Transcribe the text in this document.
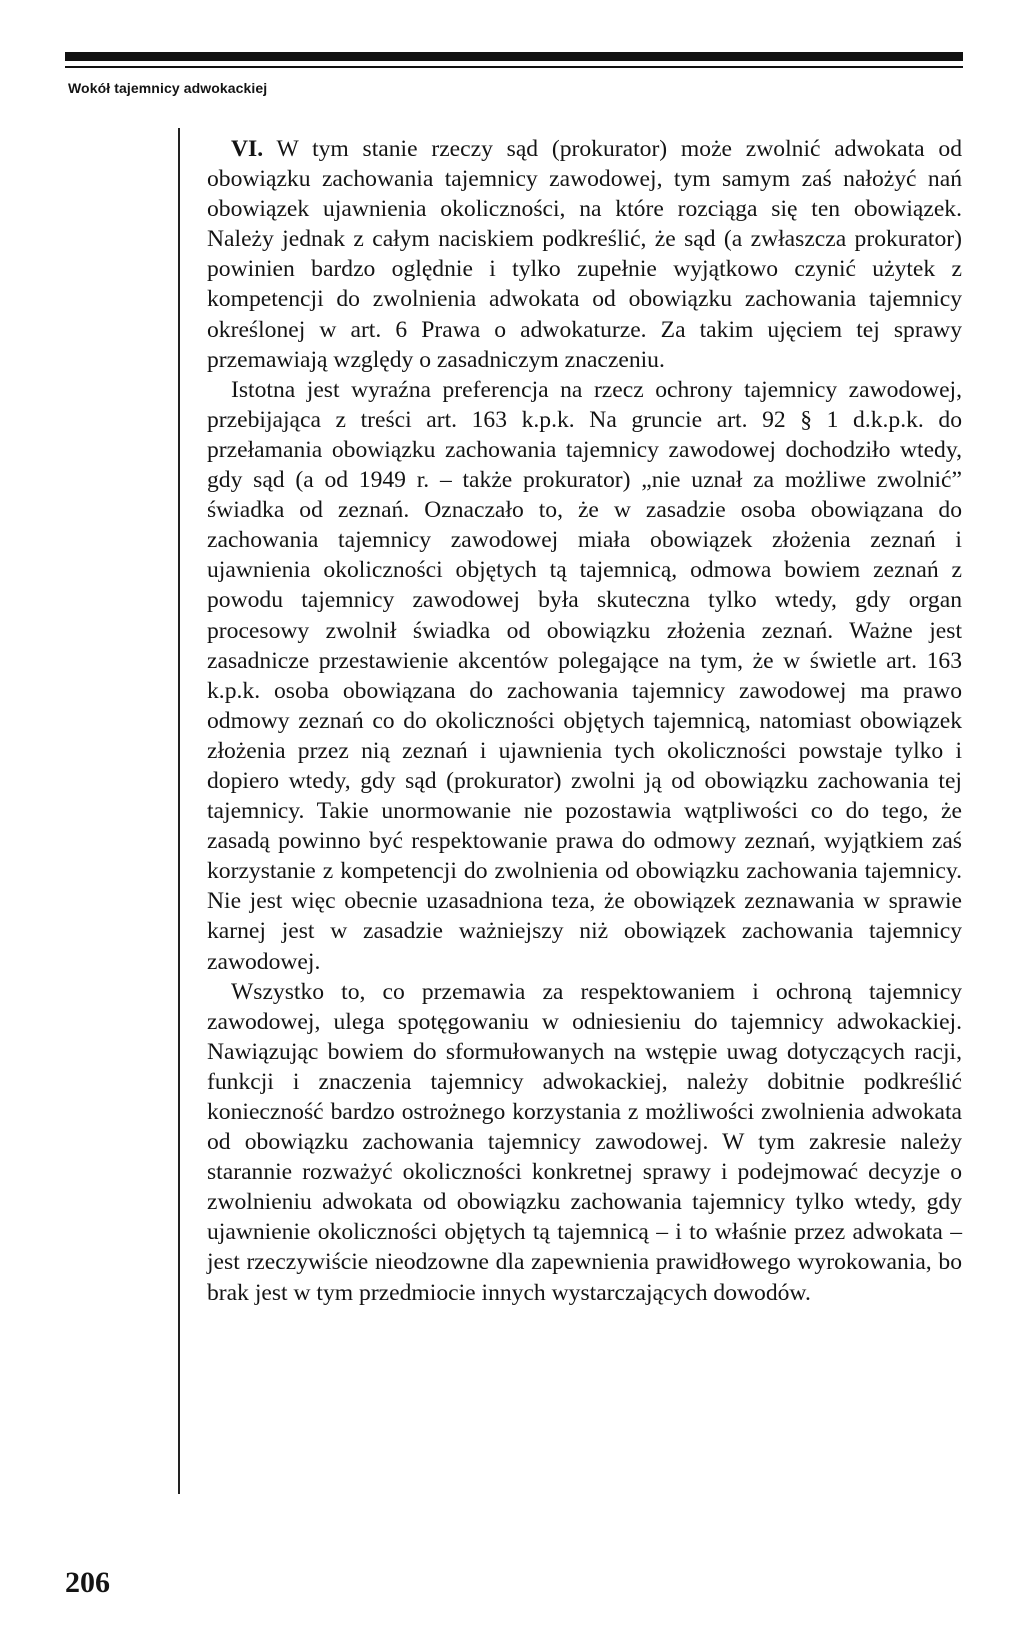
Wokół tajemnicy adwokackiej

VI. W tym stanie rzeczy sąd (prokurator) może zwolnić adwokata od obowiązku zachowania tajemnicy zawodowej, tym samym zaś nałożyć nań obowiązek ujawnienia okoliczności, na które rozciąga się ten obowiązek. Należy jednak z całym naciskiem podkreślić, że sąd (a zwłaszcza prokurator) powinien bardzo oględnie i tylko zupełnie wyjątkowo czynić użytek z kompetencji do zwolnienia adwokata od obowiązku zachowania tajemnicy określonej w art. 6 Prawa o adwokaturze. Za takim ujęciem tej sprawy przemawiają względy o zasadniczym znaczeniu.

Istotna jest wyraźna preferencja na rzecz ochrony tajemnicy zawodowej, przebijająca z treści art. 163 k.p.k. Na gruncie art. 92 § 1 d.k.p.k. do przełamania obowiązku zachowania tajemnicy zawodowej dochodziło wtedy, gdy sąd (a od 1949 r. – także prokurator) „nie uznał za możliwe zwolnić” świadka od zeznań. Oznaczało to, że w zasadzie osoba obowiązana do zachowania tajemnicy zawodowej miała obowiązek złożenia zeznań i ujawnienia okoliczności objętych tą tajemnicą, odmowa bowiem zeznań z powodu tajemnicy zawodowej była skuteczna tylko wtedy, gdy organ procesowy zwolnił świadka od obowiązku złożenia zeznań. Ważne jest zasadnicze przestawienie akcentów polegające na tym, że w świetle art. 163 k.p.k. osoba obowiązana do zachowania tajemnicy zawodowej ma prawo odmowy zeznań co do okoliczności objętych tajemnicą, natomiast obowiązek złożenia przez nią zeznań i ujawnienia tych okoliczności powstaje tylko i dopiero wtedy, gdy sąd (prokurator) zwolni ją od obowiązku zachowania tej tajemnicy. Takie unormowanie nie pozostawia wątpliwości co do tego, że zasadą powinno być respektowanie prawa do odmowy zeznań, wyjątkiem zaś korzystanie z kompetencji do zwolnienia od obowiązku zachowania tajemnicy. Nie jest więc obecnie uzasadniona teza, że obowiązek zeznawania w sprawie karnej jest w zasadzie ważniejszy niż obowiązek zachowania tajemnicy zawodowej.

Wszystko to, co przemawia za respektowaniem i ochroną tajemnicy zawodowej, ulega spotęgowaniu w odniesieniu do tajemnicy adwokackiej. Nawiązując bowiem do sformułowanych na wstępie uwag dotyczących racji, funkcji i znaczenia tajemnicy adwokackiej, należy dobitnie podkreślić konieczność bardzo ostrożnego korzystania z możliwości zwolnienia adwokata od obowiązku zachowania tajemnicy zawodowej. W tym zakresie należy starannie rozważyć okoliczności konkretnej sprawy i podejmować decyzje o zwolnieniu adwokata od obowiązku zachowania tajemnicy tylko wtedy, gdy ujawnienie okoliczności objętych tą tajemnicą – i to właśnie przez adwokata – jest rzeczywiście nieodzowne dla zapewnienia prawidłowego wyrokowania, bo brak jest w tym przedmiocie innych wystarczających dowodów.

206
